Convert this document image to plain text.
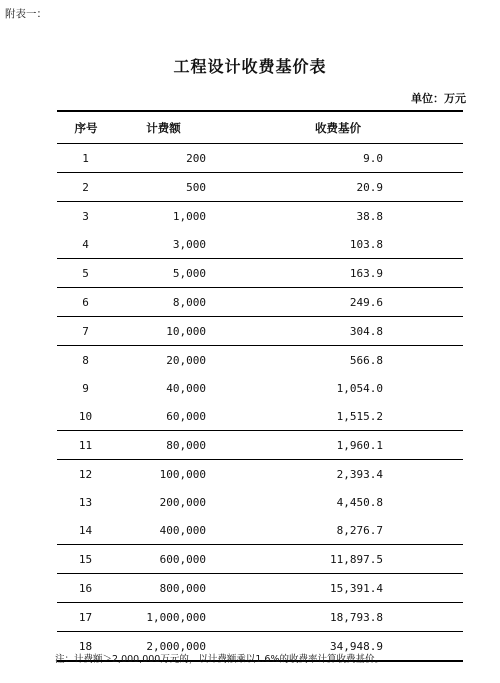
附表一：
工程设计收费基价表
单位：万元
序号	计费额	收费基价
1	200	9.0
2	500	20.9
3	1,000	38.8
4	3,000	103.8
5	5,000	163.9
6	8,000	249.6
7	10,000	304.8
8	20,000	566.8
9	40,000	1,054.0
10	60,000	1,515.2
11	80,000	1,960.1
12	100,000	2,393.4
13	200,000	4,450.8
14	400,000	8,276.7
15	600,000	11,897.5
16	800,000	15,391.4
17	1,000,000	18,793.8
18	2,000,000	34,948.9
注：计费额＞2,000,000万元的，以计费额乘以1.6%的收费率计算收费基价。
